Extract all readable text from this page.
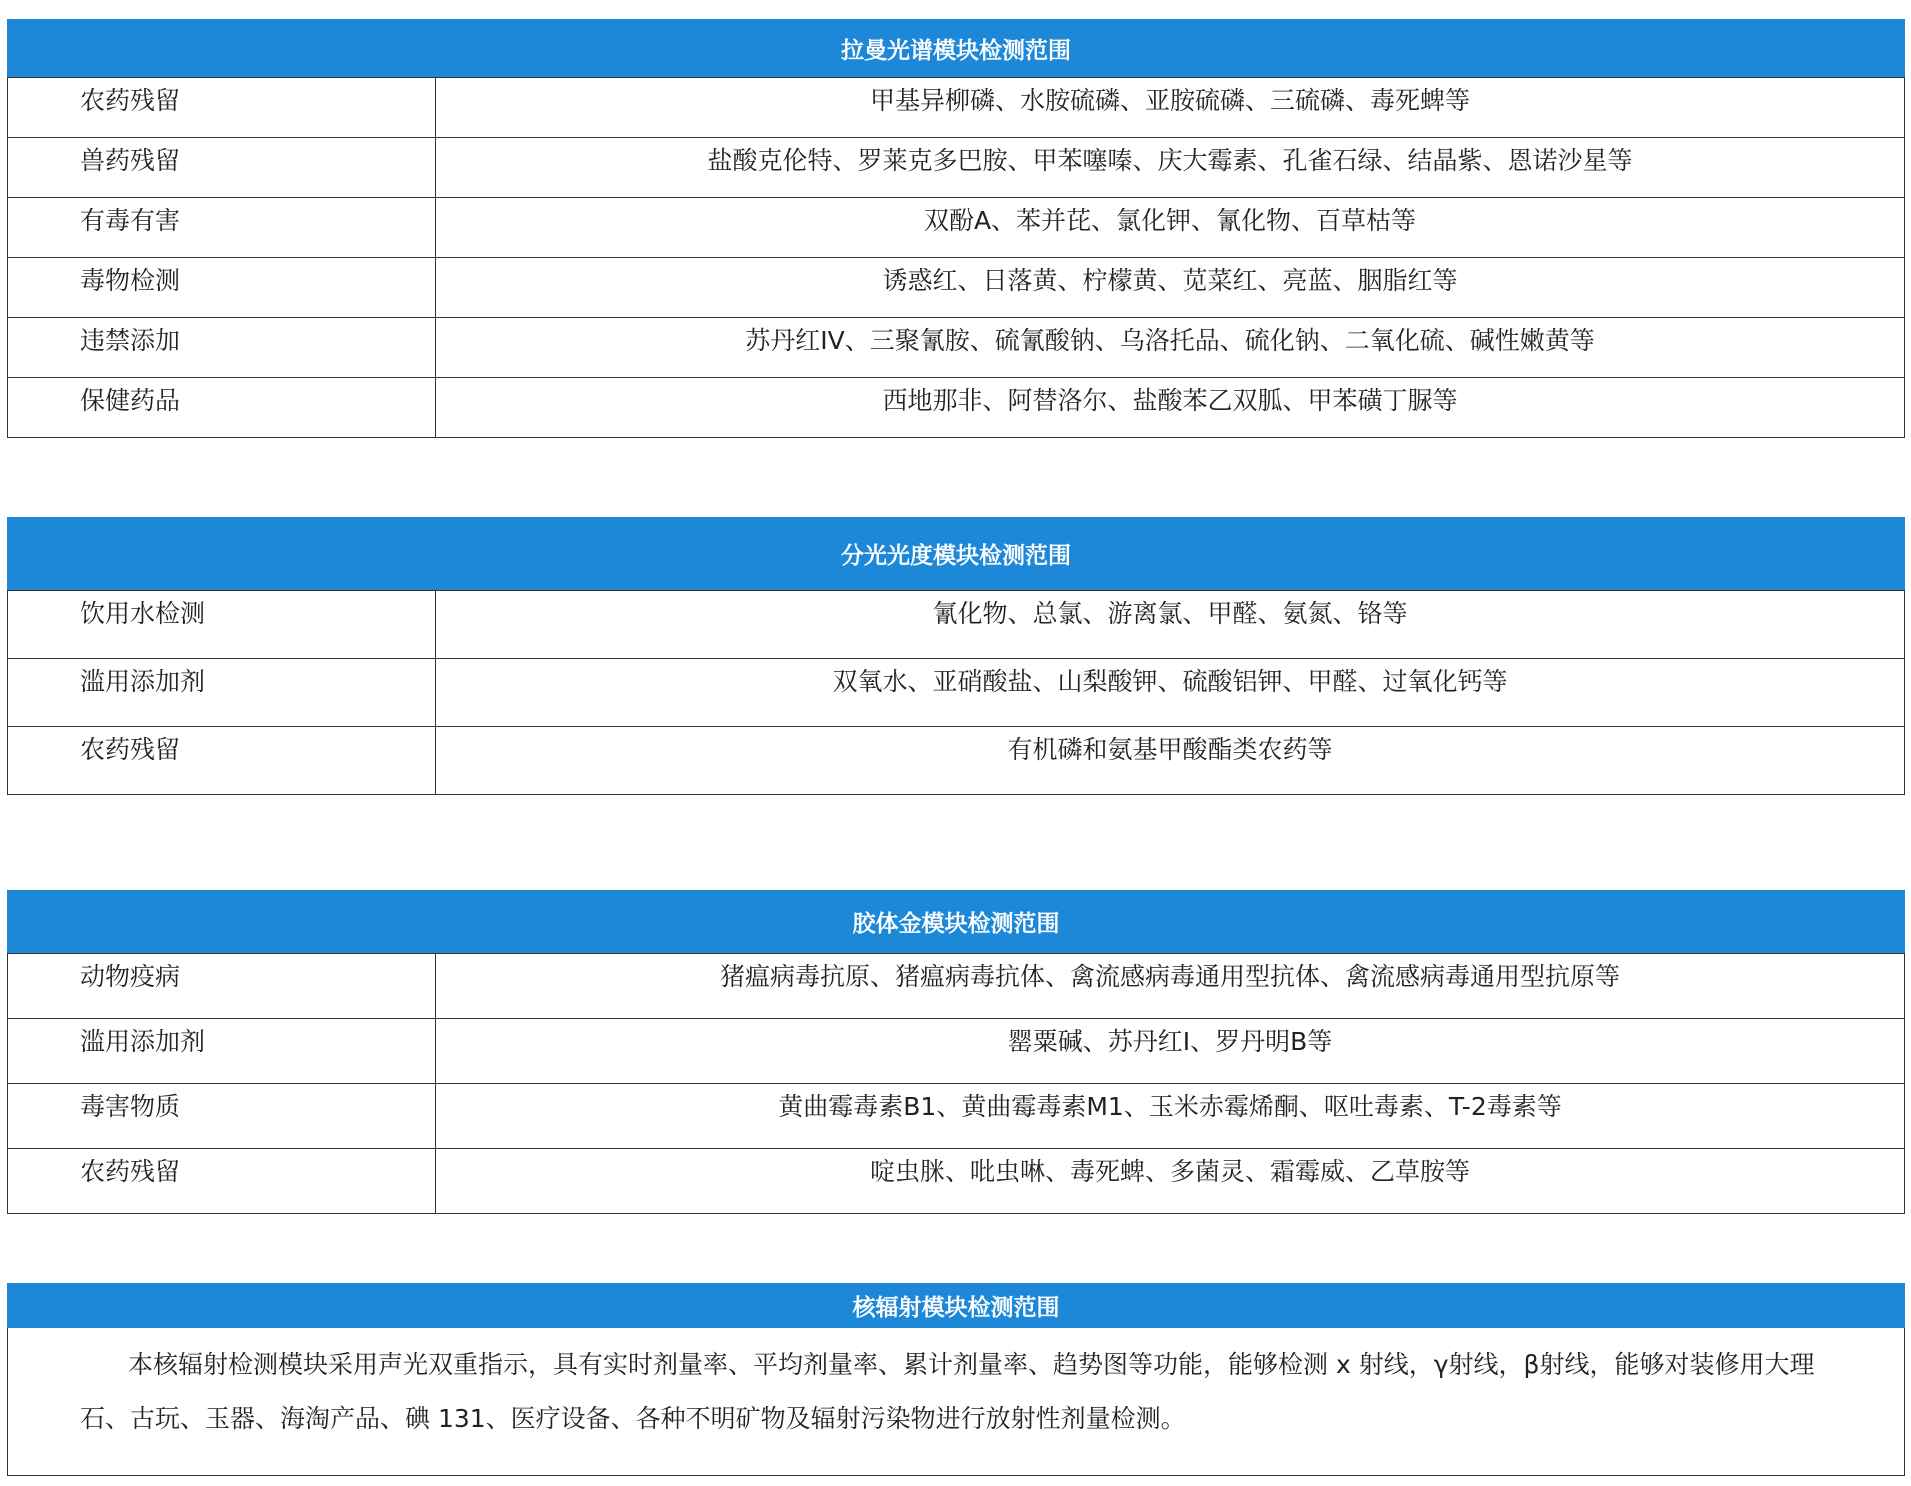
拉曼光谱模块检测范围
农药残留	甲基异柳磷、水胺硫磷、亚胺硫磷、三硫磷、毒死蜱等

兽药残留	盐酸克伦特、罗莱克多巴胺、甲苯噻嗪、庆大霉素、孔雀石绿、结晶紫、恩诺沙星等

有毒有害	双酚A、苯并芘、氯化钾、氰化物、百草枯等

毒物检测	诱惑红、日落黄、柠檬黄、苋菜红、亮蓝、胭脂红等

违禁添加	苏丹红IV、三聚氰胺、硫氰酸钠、乌洛托品、硫化钠、二氧化硫、碱性嫩黄等

保健药品	西地那非、阿替洛尔、盐酸苯乙双胍、甲苯磺丁脲等
分光光度模块检测范围
饮用水检测	氰化物、总氯、游离氯、甲醛、氨氮、铬等

滥用添加剂	双氧水、亚硝酸盐、山梨酸钾、硫酸铝钾、甲醛、过氧化钙等

农药残留	有机磷和氨基甲酸酯类农药等
胶体金模块检测范围
动物疫病	猪瘟病毒抗原、猪瘟病毒抗体、禽流感病毒通用型抗体、禽流感病毒通用型抗原等

滥用添加剂	罂粟碱、苏丹红I、罗丹明B等

毒害物质	黄曲霉毒素B1、黄曲霉毒素M1、玉米赤霉烯酮、呕吐毒素、T-2毒素等

农药残留	啶虫脒、吡虫啉、毒死蜱、多菌灵、霜霉威、乙草胺等
核辐射模块检测范围
本核辐射检测模块采用声光双重指示，具有实时剂量率、平均剂量率、累计剂量率、趋势图等功能，能够检测 x 射线，γ射线，β射线，能够对装修用大理石、古玩、玉器、海淘产品、碘 131、医疗设备、各种不明矿物及辐射污染物进行放射性剂量检测。
